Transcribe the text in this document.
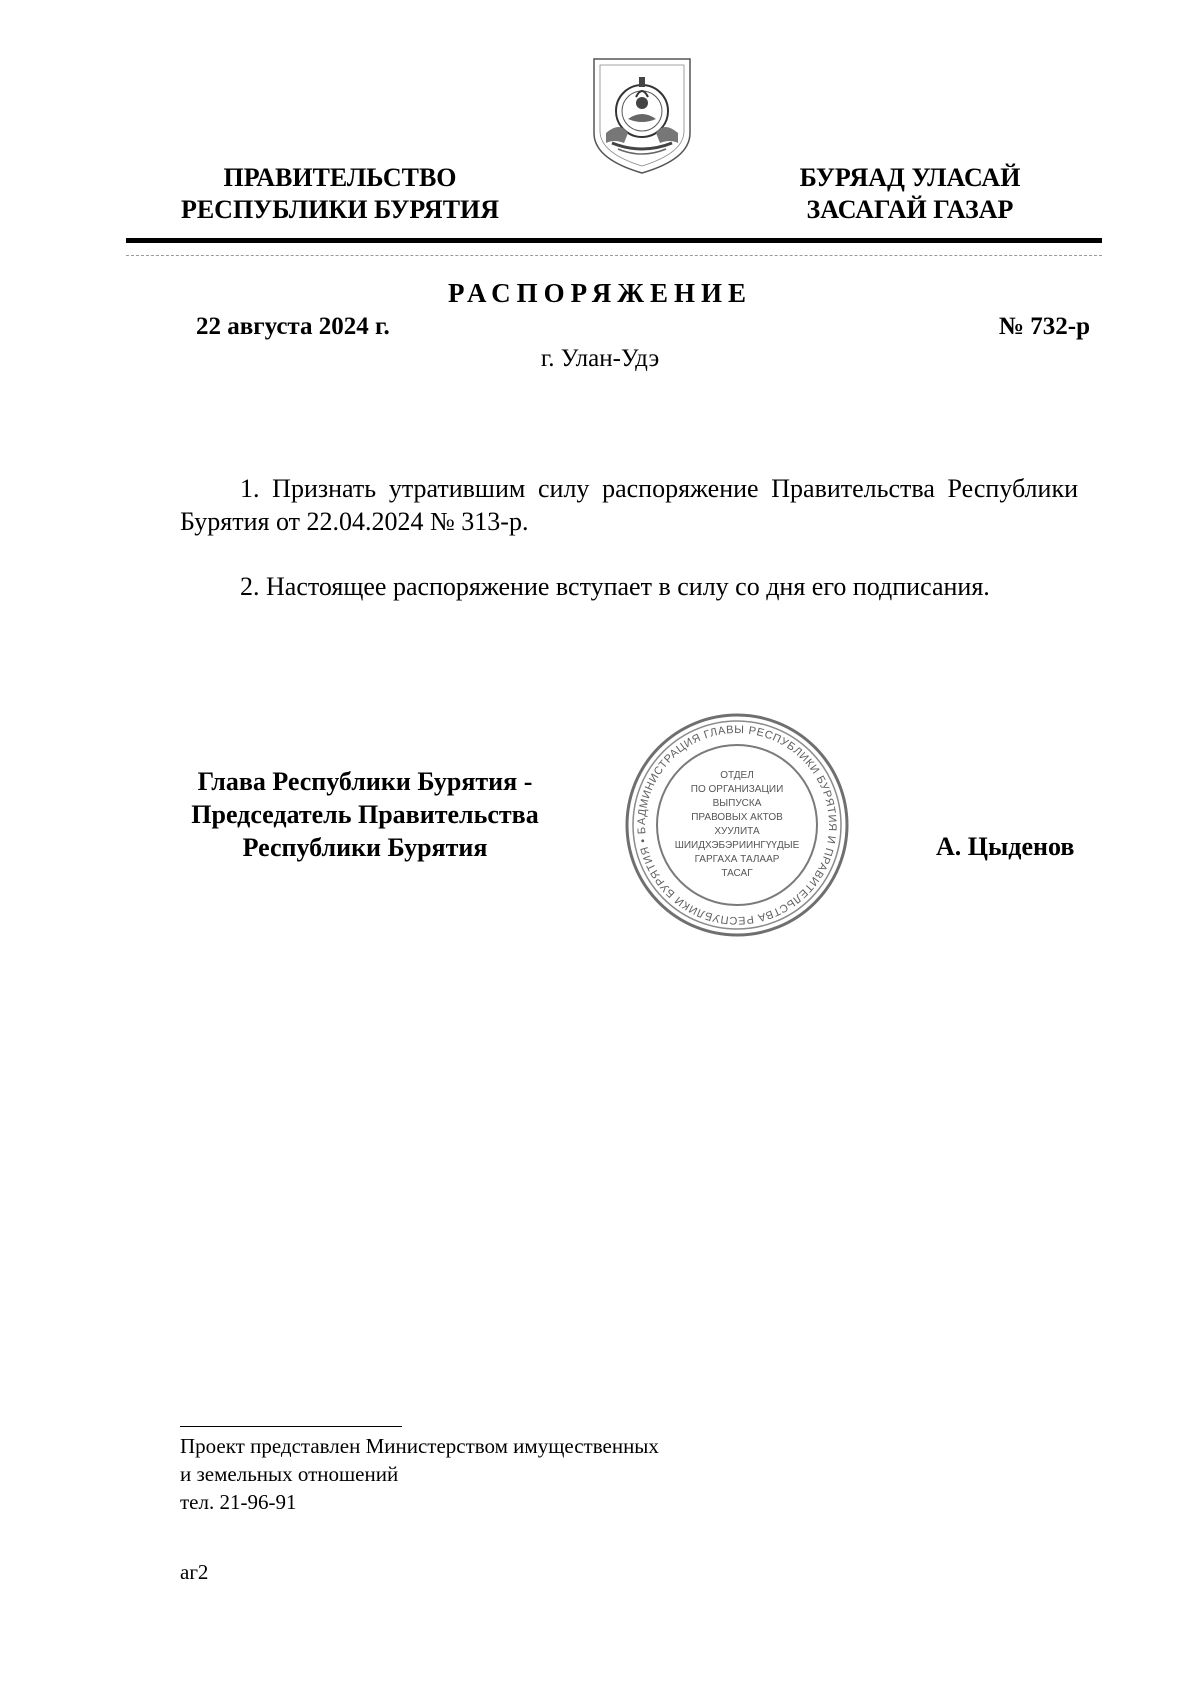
ПРАВИТЕЛЬСТВО
РЕСПУБЛИКИ БУРЯТИЯ
БУРЯАД УЛАСАЙ
ЗАСАГАЙ ГАЗАР
РАСПОРЯЖЕНИЕ
22 августа 2024 г.	№ 732-р
г. Улан-Удэ
1. Признать утратившим силу распоряжение Правительства Республики Бурятия от 22.04.2024 № 313-р.
2. Настоящее распоряжение вступает в силу со дня его подписания.
Глава Республики Бурятия -
Председатель Правительства
Республики Бурятия
АДМИНИСТРАЦИЯ ГЛАВЫ РЕСПУБЛИКИ БУРЯТИЯ И ПРАВИТЕЛЬСТВА РЕСПУБЛИКИ БУРЯТИЯ • Б
ОТДЕЛ
ПО ОРГАНИЗАЦИИ
ВЫПУСКА
ПРАВОВЫХ АКТОВ
ХУУЛИТА
ШИИДХЭБЭРИИНГҮҮДЫЕ
ГАРГАХА ТАЛААР
ТАСАГ
А. Цыденов
Проект представлен Министерством имущественных
и земельных отношений
тел. 21-96-91
аг2
